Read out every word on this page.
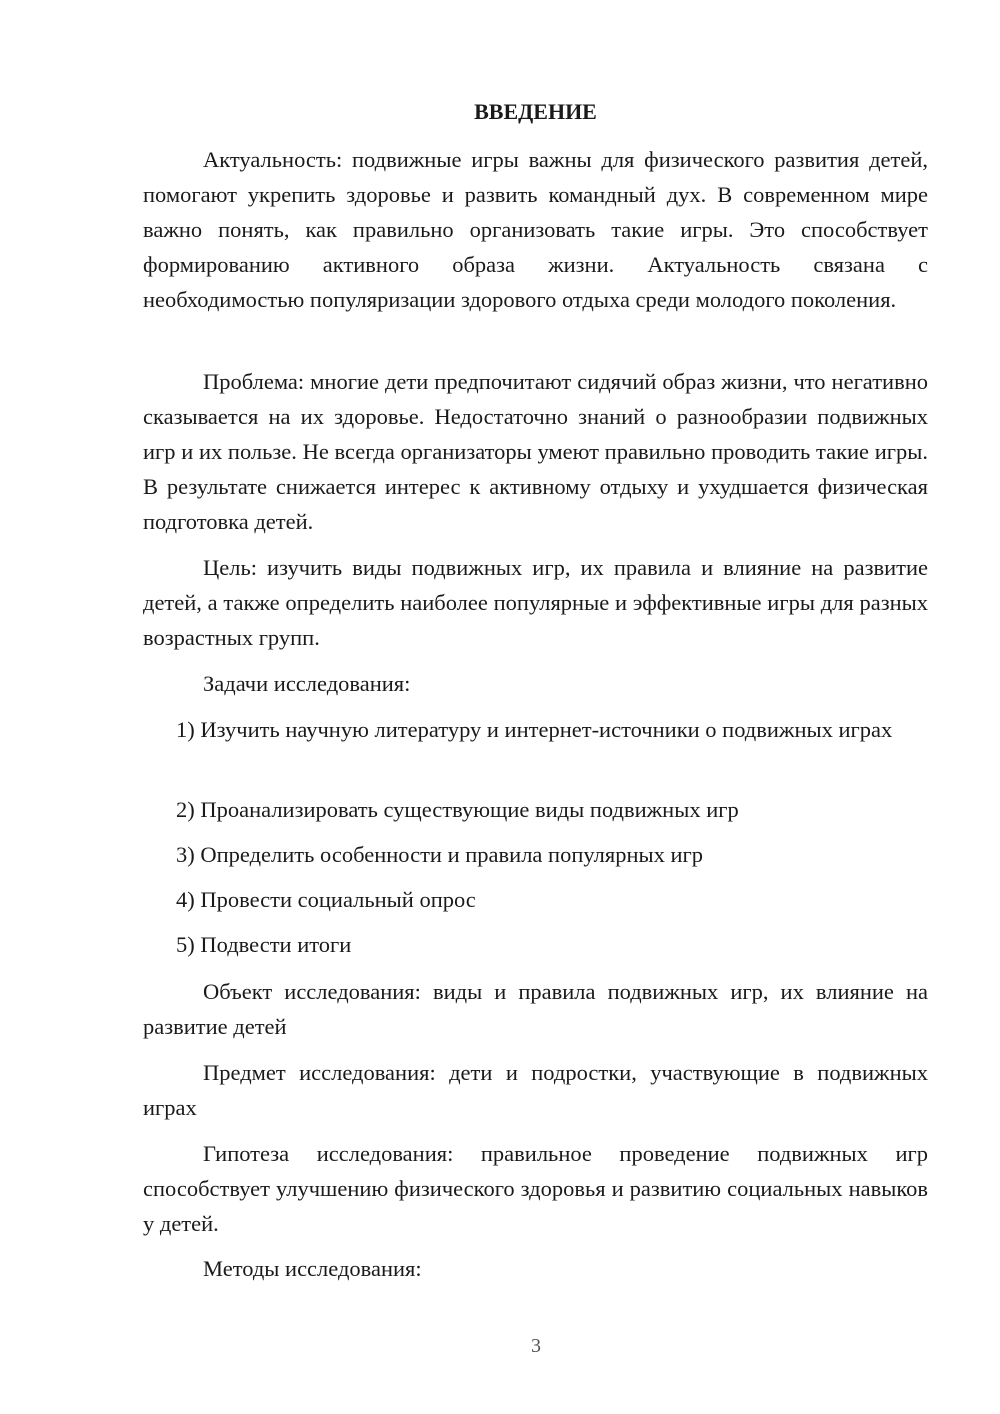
ВВЕДЕНИЕ

Актуальность: подвижные игры важны для физического развития детей, помогают укрепить здоровье и развить командный дух. В современном мире важно понять, как правильно организовать такие игры. Это способствует формированию активного образа жизни. Актуальность связана с необходимостью популяризации здорового отдыха среди молодого поколения.

Проблема: многие дети предпочитают сидячий образ жизни, что негативно сказывается на их здоровье. Недостаточно знаний о разнообразии подвижных игр и их пользе. Не всегда организаторы умеют правильно проводить такие игры. В результате снижается интерес к активному отдыху и ухудшается физическая подготовка детей.

Цель: изучить виды подвижных игр, их правила и влияние на развитие детей, а также определить наиболее популярные и эффективные игры для разных возрастных групп.

Задачи исследования:

1) Изучить научную литературу и интернет-источники о подвижных играх

2) Проанализировать существующие виды подвижных игр

3) Определить особенности и правила популярных игр

4) Провести социальный опрос

5) Подвести итоги

Объект исследования: виды и правила подвижных игр, их влияние на развитие детей

Предмет исследования: дети и подростки, участвующие в подвижных играх

Гипотеза исследования: правильное проведение подвижных игр способствует улучшению физического здоровья и развитию социальных навыков у детей.

Методы исследования:

3
